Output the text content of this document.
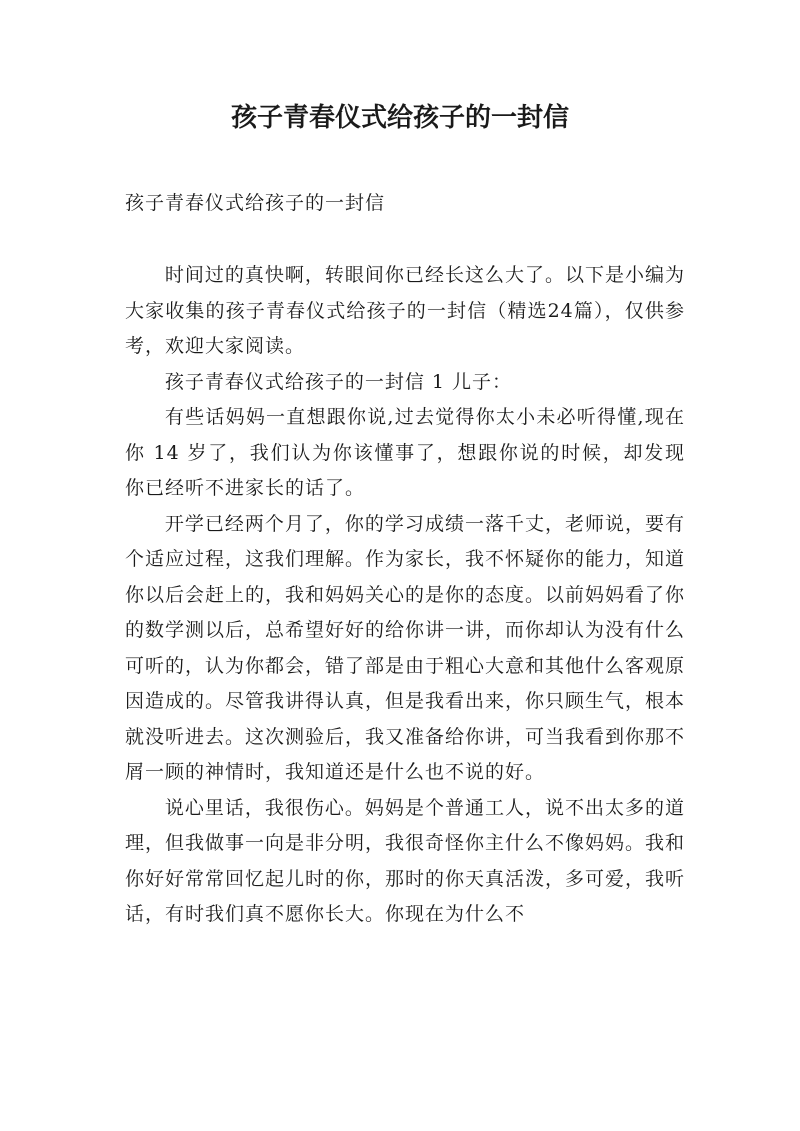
孩子青春仪式给孩子的一封信

孩子青春仪式给孩子的一封信

时间过的真快啊，转眼间你已经长这么大了。以下是小编为大家收集的孩子青春仪式给孩子的一封信（精选24篇），仅供参考，欢迎大家阅读。

孩子青春仪式给孩子的一封信 1 儿子：

有些话妈妈一直想跟你说,过去觉得你太小未必听得懂,现在你 14 岁了，我们认为你该懂事了，想跟你说的时候，却发现你已经听不进家长的话了。

开学已经两个月了，你的学习成绩一落千丈，老师说，要有个适应过程，这我们理解。作为家长，我不怀疑你的能力，知道你以后会赶上的，我和妈妈关心的是你的态度。以前妈妈看了你的数学测以后，总希望好好的给你讲一讲，而你却认为没有什么可听的，认为你都会，错了部是由于粗心大意和其他什么客观原因造成的。尽管我讲得认真，但是我看出来，你只顾生气，根本就没听进去。这次测验后，我又准备给你讲，可当我看到你那不屑一顾的神情时，我知道还是什么也不说的好。

说心里话，我很伤心。妈妈是个普通工人，说不出太多的道理，但我做事一向是非分明，我很奇怪你主什么不像妈妈。我和你好好常常回忆起儿时的你，那时的你天真活泼，多可爱，我听话，有时我们真不愿你长大。你现在为什么不
